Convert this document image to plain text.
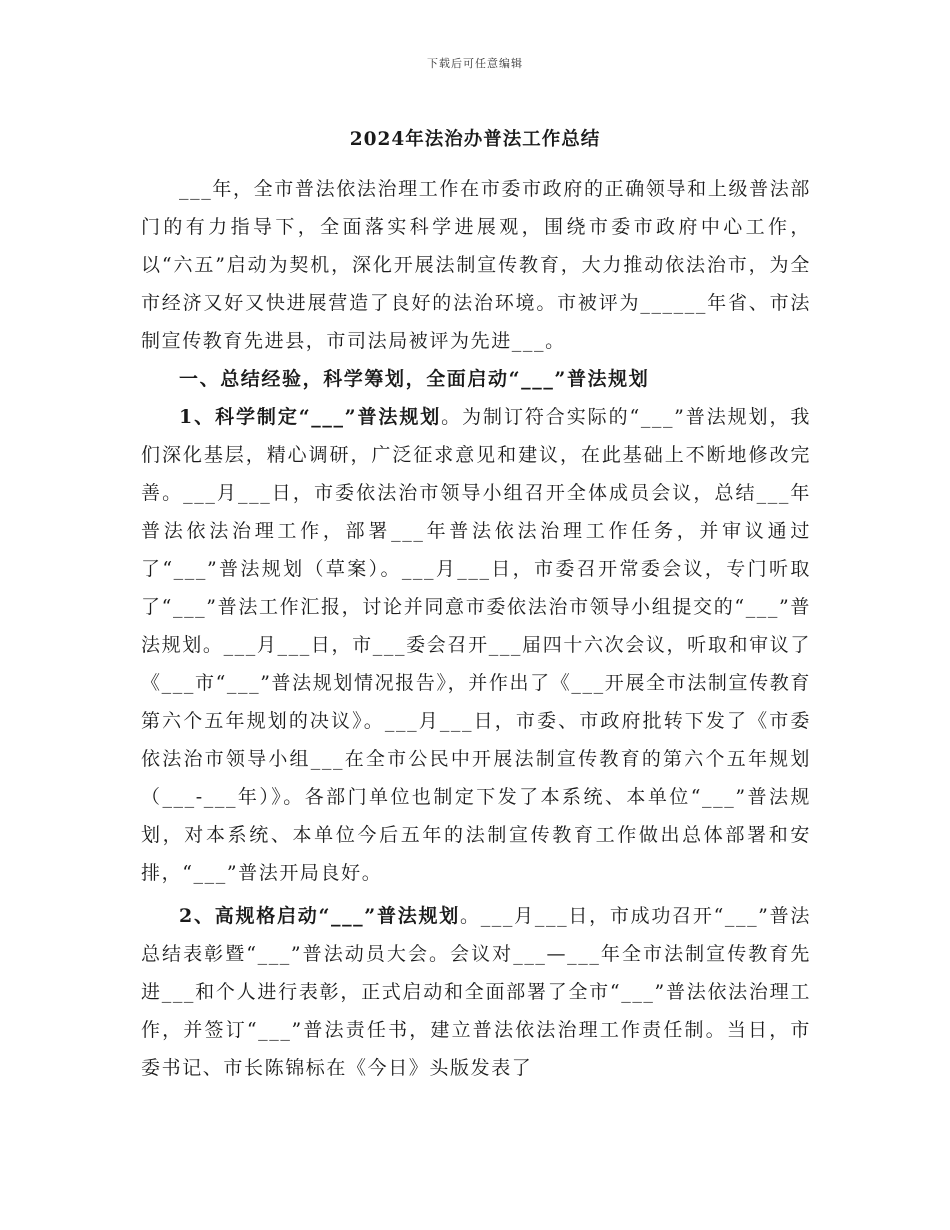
下载后可任意编辑
2024年法治办普法工作总结

___年，全市普法依法治理工作在市委市政府的正确领导和上级普法部门的有力指导下，全面落实科学进展观，围绕市委市政府中心工作，以“六五”启动为契机，深化开展法制宣传教育，大力推动依法治市，为全市经济又好又快进展营造了良好的法治环境。市被评为______年省、市法制宣传教育先进县，市司法局被评为先进___。

一、总结经验，科学筹划，全面启动“___”普法规划

1、科学制定“___”普法规划。为制订符合实际的“___”普法规划，我们深化基层，精心调研，广泛征求意见和建议，在此基础上不断地修改完善。___月___日，市委依法治市领导小组召开全体成员会议，总结___年普法依法治理工作，部署___年普法依法治理工作任务，并审议通过了“___”普法规划（草案）。___月___日，市委召开常委会议，专门听取了“___”普法工作汇报，讨论并同意市委依法治市领导小组提交的“___”普法规划。___月___日，市___委会召开___届四十六次会议，听取和审议了《___市“___”普法规划情况报告》，并作出了《___开展全市法制宣传教育第六个五年规划的决议》。___月___日，市委、市政府批转下发了《市委依法治市领导小组___在全市公民中开展法制宣传教育的第六个五年规划（___-___年）》。各部门单位也制定下发了本系统、本单位“___”普法规划，对本系统、本单位今后五年的法制宣传教育工作做出总体部署和安排，“___”普法开局良好。

2、高规格启动“___”普法规划。___月___日，市成功召开“___”普法总结表彰暨“___”普法动员大会。会议对___—___年全市法制宣传教育先进___和个人进行表彰，正式启动和全面部署了全市“___”普法依法治理工作，并签订“___”普法责任书，建立普法依法治理工作责任制。当日，市委书记、市长陈锦标在《今日》头版发表了
